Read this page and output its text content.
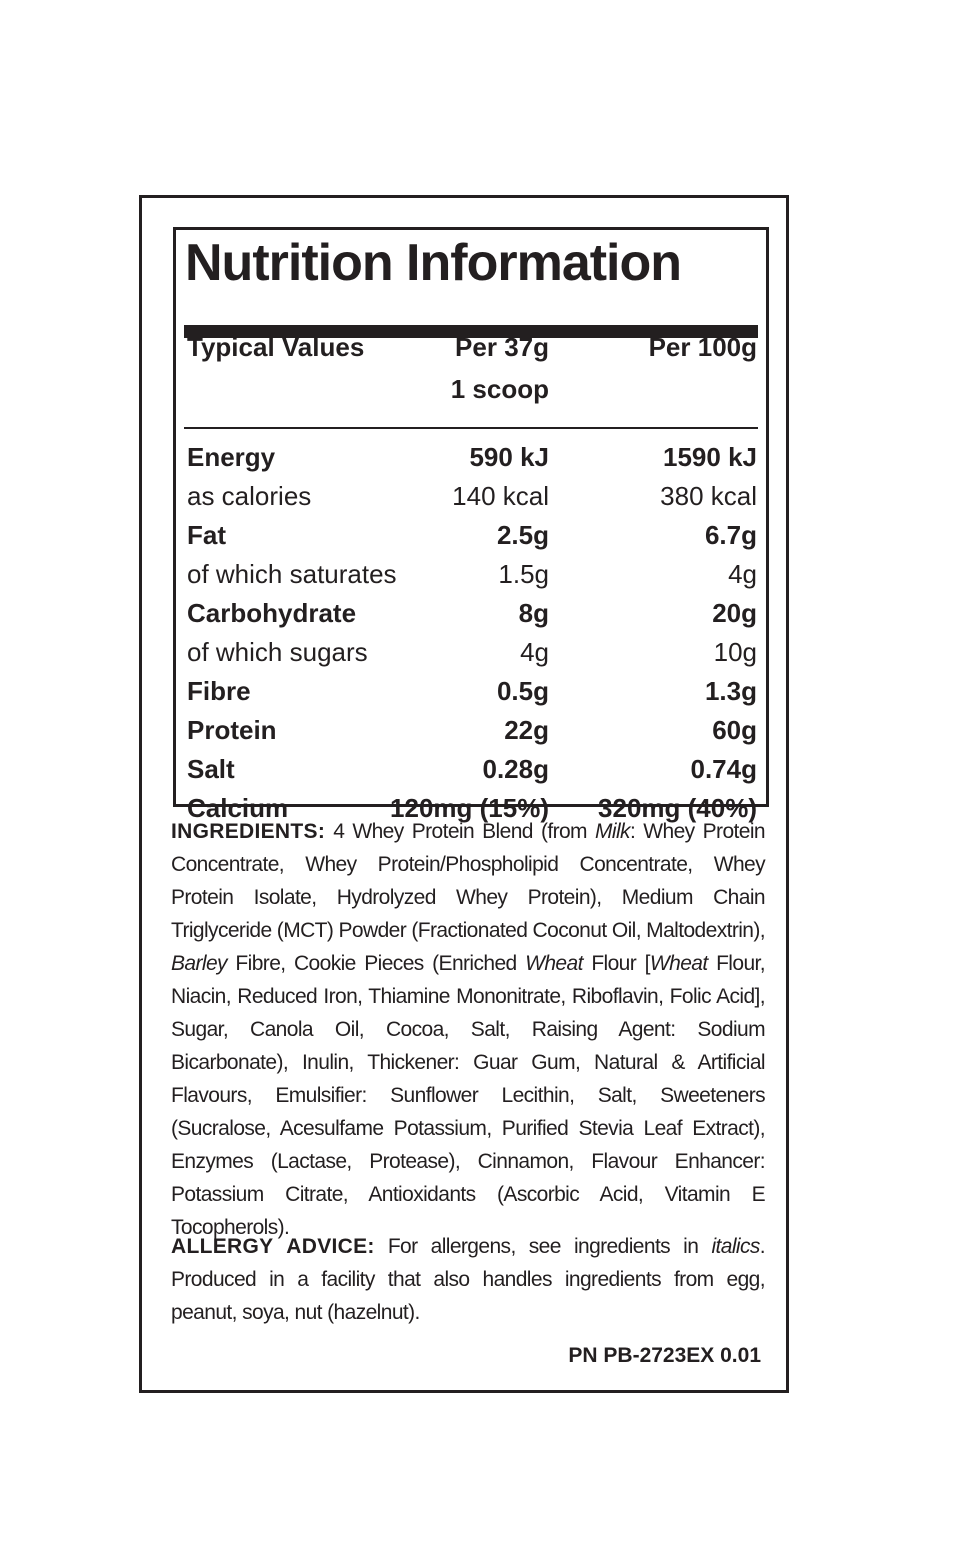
Nutrition Information
Typical Values	Per 37g	Per 100g
1 scoop
Energy	590 kJ	1590 kJ
as calories	140 kcal	380 kcal
Fat	2.5g	6.7g
of which saturates	1.5g	4g
Carbohydrate	8g	20g
of which sugars	4g	10g
Fibre	0.5g	1.3g
Protein	22g	60g
Salt	0.28g	0.74g
Calcium	120mg (15%) 320mg (40%)

INGREDIENTS: 4 Whey Protein Blend (from Milk: Whey Protein Concentrate, Whey Protein/Phospholipid Concentrate, Whey Protein Isolate, Hydrolyzed Whey Protein), Medium Chain Triglyceride (MCT) Powder (Fractionated Coconut Oil, Maltodextrin), Barley Fibre, Cookie Pieces (Enriched Wheat Flour [Wheat Flour, Niacin, Reduced Iron, Thiamine Mononitrate, Riboflavin, Folic Acid], Sugar, Canola Oil, Cocoa, Salt, Raising Agent: Sodium Bicarbonate), Inulin, Thickener: Guar Gum, Natural & Artificial Flavours, Emulsifier: Sunflower Lecithin, Salt, Sweeteners (Sucralose, Acesulfame Potassium, Purified Stevia Leaf Extract), Enzymes (Lactase, Protease), Cinnamon, Flavour Enhancer: Potassium Citrate, Antioxidants (Ascorbic Acid, Vitamin E Tocopherols).

ALLERGY ADVICE: For allergens, see ingredients in italics. Produced in a facility that also handles ingredients from egg, peanut, soya, nut (hazelnut).

PN PB-2723EX 0.01
